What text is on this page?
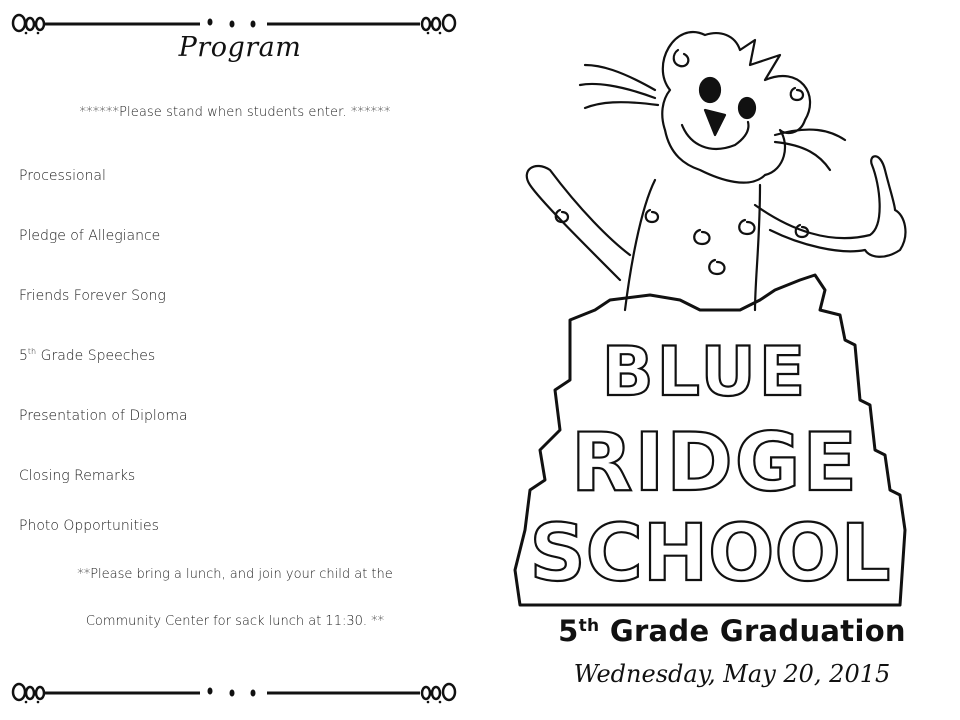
Program
******Please stand when students enter. ******
Processional
Pledge of Allegiance
Friends Forever Song
5th Grade Speeches
Presentation of Diploma
Closing Remarks
Photo Opportunities
**Please bring a lunch, and join your child at the
Community Center for sack lunch at 11:30. **
BLUE
RIDGE
SCHOOL
5th Grade Graduation
Wednesday, May 20, 2015
